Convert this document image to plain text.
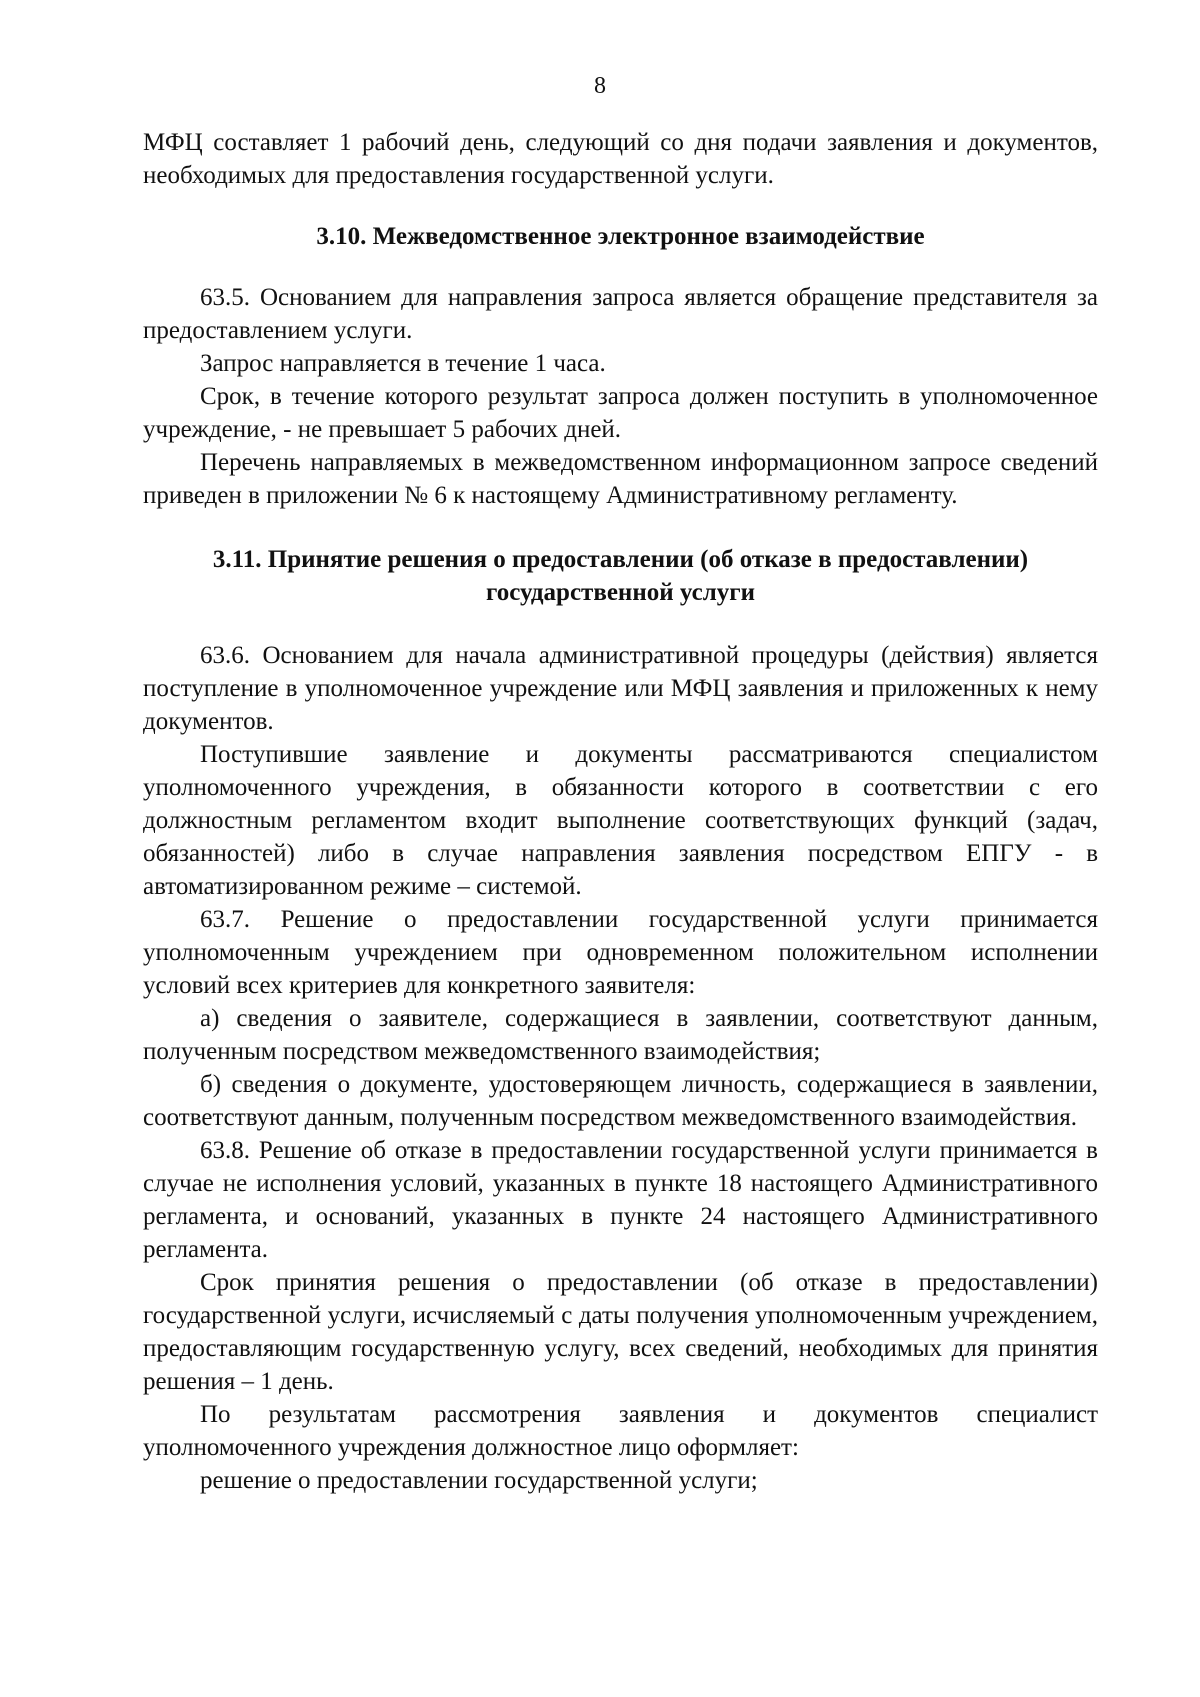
8

МФЦ составляет 1 рабочий день, следующий со дня подачи заявления и документов, необходимых для предоставления государственной услуги.

3.10. Межведомственное электронное взаимодействие

63.5. Основанием для направления запроса является обращение представителя за предоставлением услуги.

Запрос направляется в течение 1 часа.

Срок, в течение которого результат запроса должен поступить в уполномоченное учреждение, - не превышает 5 рабочих дней.

Перечень направляемых в межведомственном информационном запросе сведений приведен в приложении № 6 к настоящему Административному регламенту.

3.11. Принятие решения о предоставлении (об отказе в предоставлении)

государственной услуги

63.6. Основанием для начала административной процедуры (действия) является поступление в уполномоченное учреждение или МФЦ заявления и приложенных к нему документов.

Поступившие заявление и документы рассматриваются специалистом уполномоченного учреждения, в обязанности которого в соответствии с его должностным регламентом входит выполнение соответствующих функций (задач, обязанностей) либо в случае направления заявления посредством ЕПГУ - в автоматизированном режиме – системой.

63.7. Решение о предоставлении государственной услуги принимается уполномоченным учреждением при одновременном положительном исполнении условий всех критериев для конкретного заявителя:

а) сведения о заявителе, содержащиеся в заявлении, соответствуют данным, полученным посредством межведомственного взаимодействия;

б) сведения о документе, удостоверяющем личность, содержащиеся в заявлении, соответствуют данным, полученным посредством межведомственного взаимодействия.

63.8. Решение об отказе в предоставлении государственной услуги принимается в случае не исполнения условий, указанных в пункте 18 настоящего Административного регламента, и оснований, указанных в пункте 24 настоящего Административного регламента.

Срок принятия решения о предоставлении (об отказе в предоставлении) государственной услуги, исчисляемый с даты получения уполномоченным учреждением, предоставляющим государственную услугу, всех сведений, необходимых для принятия решения – 1 день.

По результатам рассмотрения заявления и документов специалист уполномоченного учреждения должностное лицо оформляет:

решение о предоставлении государственной услуги;
